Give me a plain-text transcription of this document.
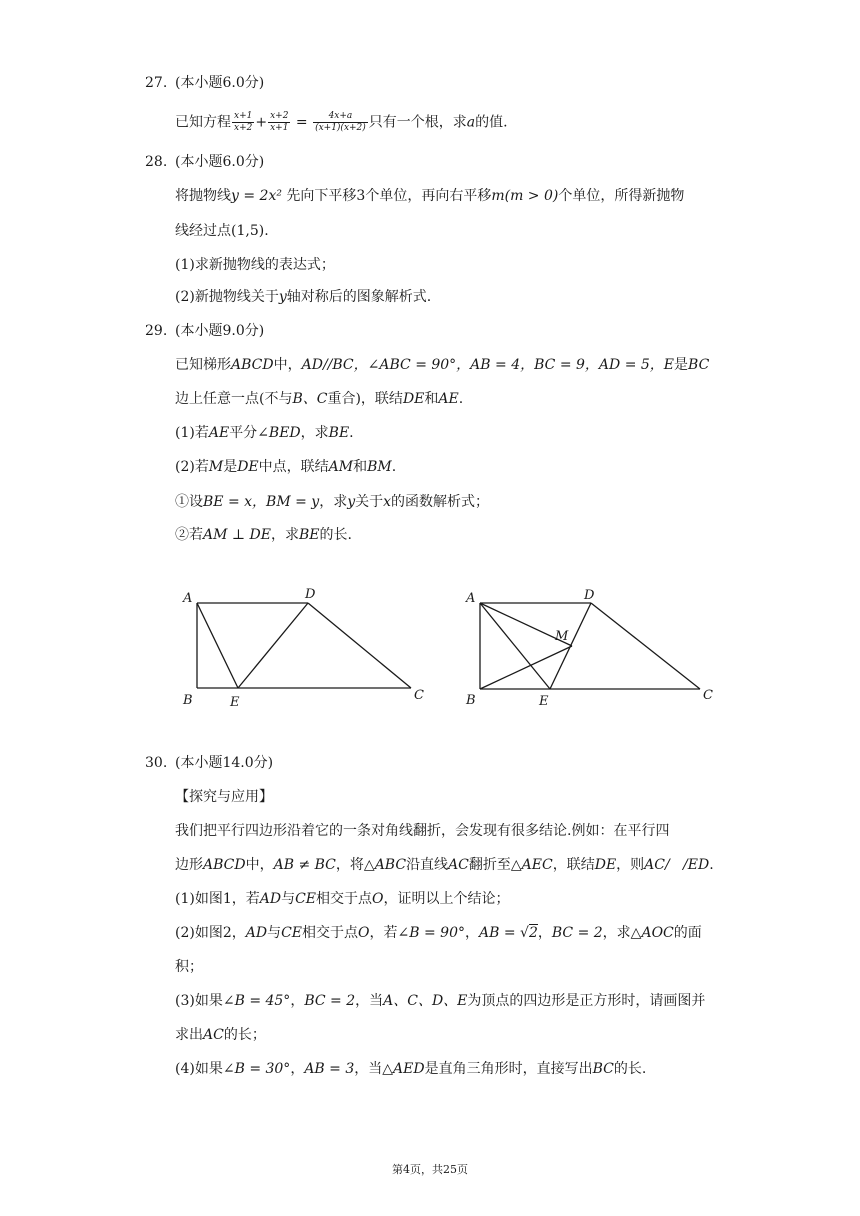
27. (本小题6.0分)
已知方程 $\frac{x+1}{x+2} + \frac{x+2}{x+1} = \frac{4x+a}{(x+1)(x+2)}$ 只有一个根，求a的值.
28. (本小题6.0分)
将抛物线y = 2x² 先向下平移3个单位，再向右平移m(m > 0)个单位，所得新抛物
线经过点(1,5).
(1)求新抛物线的表达式；
(2)新抛物线关于y轴对称后的图象解析式.
29. (本小题9.0分)
已知梯形ABCD中，AD//BC，∠ABC = 90°，AB = 4，BC = 9，AD = 5，E是BC
边上任意一点(不与B、C重合)，联结DE和AE.
(1)若AE平分∠BED，求BE.
(2)若M是DE中点，联结AM和BM.
①设BE = x，BM = y，求y关于x的函数解析式；
②若AM ⊥ DE，求BE的长.
A	D
B	E	C
A	D
M
B	E	C
30. (本小题14.0分)
【探究与应用】
我们把平行四边形沿着它的一条对角线翻折，会发现有很多结论.例如：在平行四
边形ABCD中，AB ≠ BC，将△ABC沿直线AC翻折至△AEC，联结DE，则AC/   /ED.
(1)如图1，若AD与CE相交于点O，证明以上个结论；
(2)如图2，AD与CE相交于点O，若∠B = 90°，AB = √2，BC = 2，求△AOC的面
积；
(3)如果∠B = 45°，BC = 2，当A、C、D、E为顶点的四边形是正方形时，请画图并
求出AC的长；
(4)如果∠B = 30°，AB = 3，当△AED是直角三角形时，直接写出BC的长.
第4页，共25页
